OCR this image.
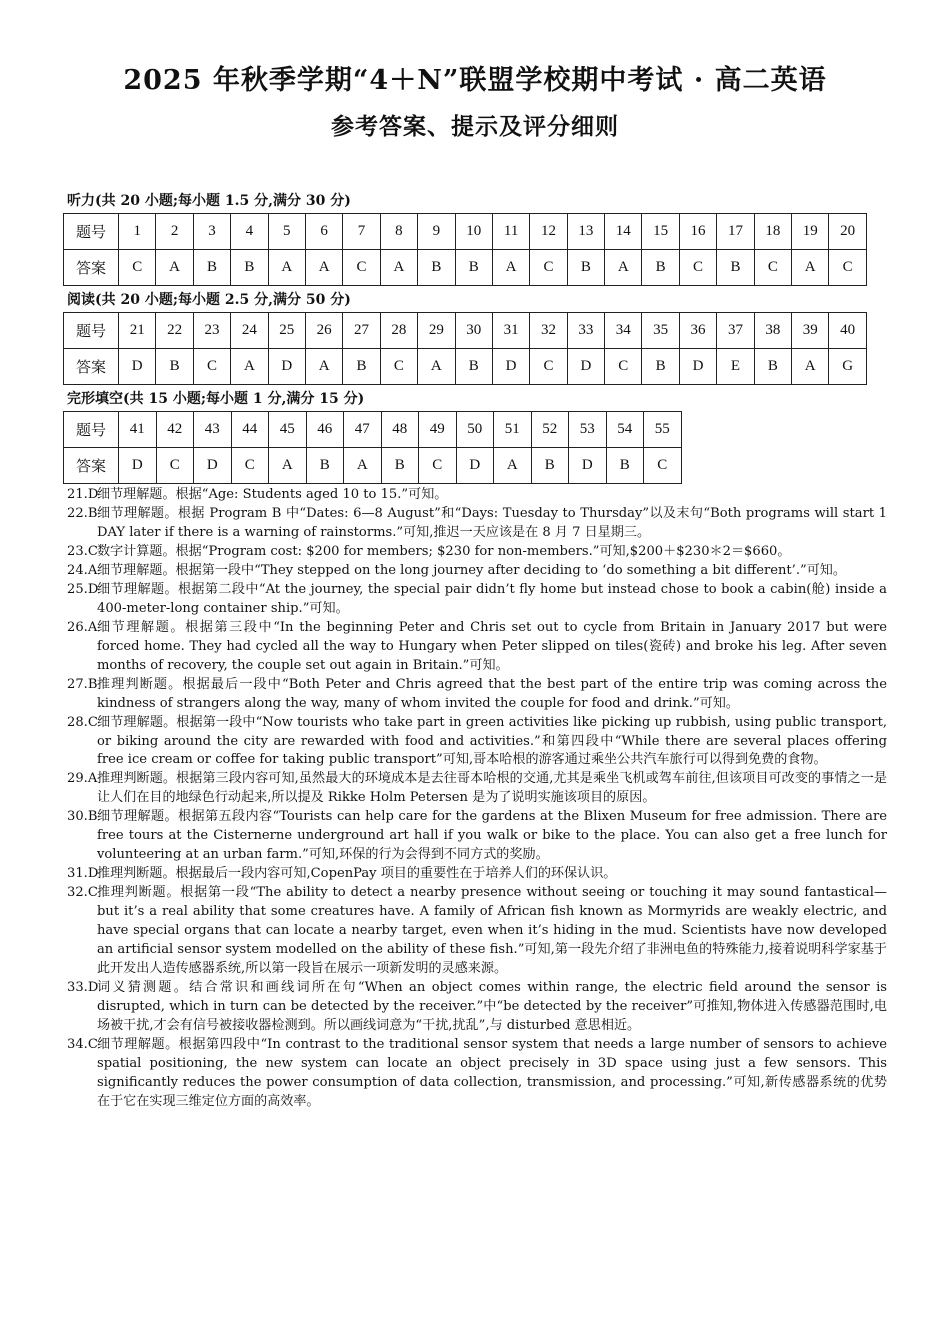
2025 年秋季学期“4＋N”联盟学校期中考试 · 高二英语
参考答案、提示及评分细则
听力(共 20 小题;每小题 1.5 分,满分 30 分)
题号	1	2	3	4	5	6	7	8	9	10	11	12	13	14	15	16	17	18	19	20
答案	C	A	B	B	A	A	C	A	B	B	A	C	B	A	B	C	B	C	A	C
阅读(共 20 小题;每小题 2.5 分,满分 50 分)
题号	21	22	23	24	25	26	27	28	29	30	31	32	33	34	35	36	37	38	39	40
答案	D	B	C	A	D	A	B	C	A	B	D	C	D	C	B	D	E	B	A	G
完形填空(共 15 小题;每小题 1 分,满分 15 分)
题号	41	42	43	44	45	46	47	48	49	50	51	52	53	54	55
答案	D	C	D	C	A	B	A	B	C	D	A	B	D	B	C
21.D
细节理解题。根据“Age: Students aged 10 to 15.”可知。
22.B 细节理解题。根据 Program B 中“Dates: 6—8 August”和“Days: Tuesday to Thursday”以及末句“Both programs will start 1 DAY later if there is a warning of rainstorms.”可知,推迟一天应该是在 8 月 7 日星期三。
23.C 数字计算题。根据“Program cost: $200 for members; $230 for non-members.”可知,$200＋$230＊2＝$660。
24.A 细节理解题。根据第一段中“They stepped on the long journey after deciding to ‘do something a bit different’.”可知。
25.D
细节理解题。根据第二段中“At the journey, the special pair didn’t fly home but instead chose to book a cabin(舱) inside a 400-meter-long container ship.”可知。
26.A 细节理解题。根据第三段中“In the beginning Peter and Chris set out to cycle from Britain in January 2017 but were forced home. They had cycled all the way to Hungary when Peter slipped on tiles(瓷砖) and broke his leg. After seven months of recovery, the couple set out again in Britain.”可知。
27.B 推理判断题。根据最后一段中“Both Peter and Chris agreed that the best part of the entire trip was coming across the kindness of strangers along the way, many of whom invited the couple for food and drink.”可知。
28.C 细节理解题。根据第一段中“Now tourists who take part in green activities like picking up rubbish, using public transport, or biking around the city are rewarded with food and activities.”和第四段中“While there are several places offering free ice cream or coffee for taking public transport”可知,哥本哈根的游客通过乘坐公共汽车旅行可以得到免费的食物。
29.A 推理判断题。根据第三段内容可知,虽然最大的环境成本是去往哥本哈根的交通,尤其是乘坐飞机或驾车前往,但该项目可改变的事情之一是让人们在目的地绿色行动起来,所以提及 Rikke Holm Petersen 是为了说明实施该项目的原因。
30.B 细节理解题。根据第五段内容“Tourists can help care for the gardens at the Blixen Museum for free admission. There are free tours at the Cisternerne underground art hall if you walk or bike to the place. You can also get a free lunch for volunteering at an urban farm.”可知,环保的行为会得到不同方式的奖励。
31.D
推理判断题。根据最后一段内容可知,CopenPay 项目的重要性在于培养人们的环保认识。
32.C 推理判断题。根据第一段“The ability to detect a nearby presence without seeing or touching it may sound fantastical—but it’s a real ability that some creatures have. A family of African fish known as Mormyrids are weakly electric, and have special organs that can locate a nearby target, even when it’s hiding in the mud. Scientists have now developed an artificial sensor system modelled on the ability of these fish.”可知,第一段先介绍了非洲电鱼的特殊能力,接着说明科学家基于此开发出人造传感器系统,所以第一段旨在展示一项新发明的灵感来源。
33.D
词义猜测题。结合常识和画线词所在句“When an object comes within range, the electric field around the sensor is disrupted, which in turn can be detected by the receiver.”中“be detected by the receiver”可推知,物体进入传感器范围时,电场被干扰,才会有信号被接收器检测到。所以画线词意为“干扰,扰乱”,与 disturbed 意思相近。
34.C 细节理解题。根据第四段中“In contrast to the traditional sensor system that needs a large number of sensors to achieve spatial positioning, the new system can locate an object precisely in 3D space using just a few sensors. This significantly reduces the power consumption of data collection, transmission, and processing.”可知,新传感器系统的优势在于它在实现三维定位方面的高效率。
